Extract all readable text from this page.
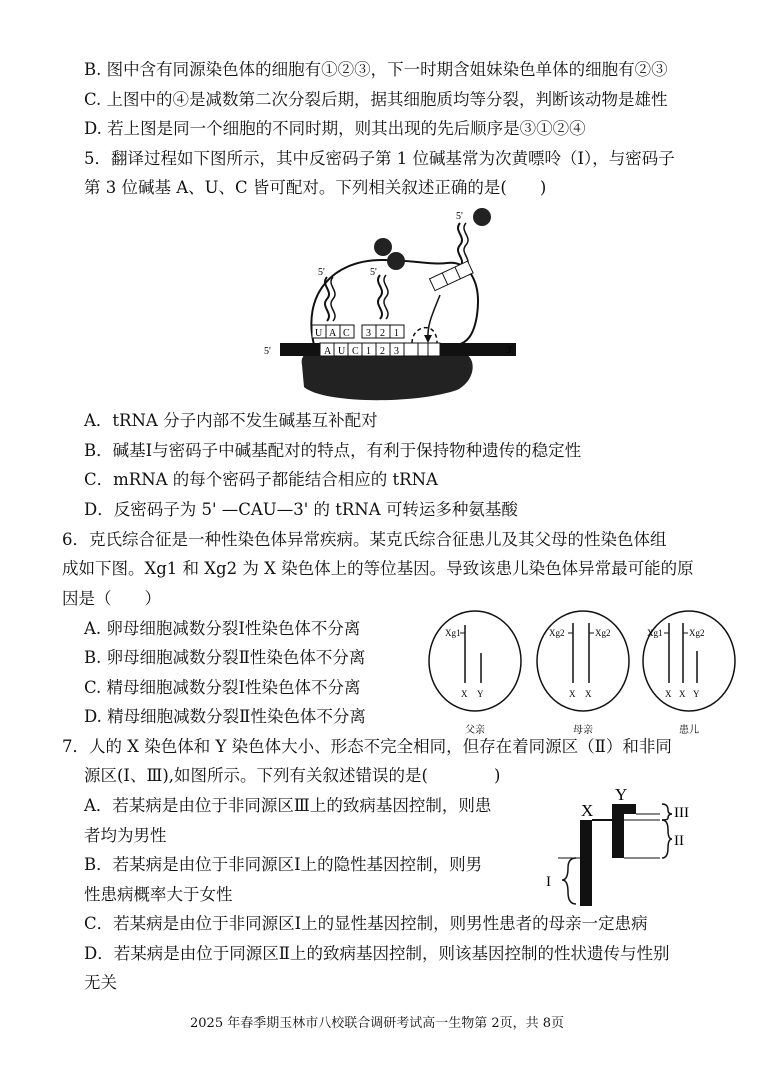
B. 图中含有同源染色体的细胞有①②③，下一时期含姐妹染色单体的细胞有②③
C. 上图中的④是减数第二次分裂后期，据其细胞质均等分裂，判断该动物是雄性
D. 若上图是同一个细胞的不同时期，则其出现的先后顺序是③①②④
5．翻译过程如下图所示，其中反密码子第 1 位碱基常为次黄嘌呤（Ⅰ），与密码子
第 3 位碱基 A、U、C 皆可配对。下列相关叙述正确的是(　　)
A U C 1 2 3
5'	3'
U A C
5'
3 2 1
5'
5'
A．tRNA 分子内部不发生碱基互补配对
B．碱基Ⅰ与密码子中碱基配对的特点，有利于保持物种遗传的稳定性
C．mRNA 的每个密码子都能结合相应的 tRNA
D．反密码子为 5' —CAU—3' 的 tRNA 可转运多种氨基酸
6．克氏综合征是一种性染色体异常疾病。某克氏综合征患儿及其父母的性染色体组
成如下图。Xg1 和 Xg2 为 X 染色体上的等位基因。导致该患儿染色体异常最可能的原
因是（　　）
A. 卵母细胞减数分裂Ⅰ性染色体不分离
B. 卵母细胞减数分裂Ⅱ性染色体不分离
C. 精母细胞减数分裂Ⅰ性染色体不分离
D. 精母细胞减数分裂Ⅱ性染色体不分离
Xg1
X Y
父亲
Xg2	Xg2
X X
母亲
Xg1	Xg2
X X Y
患儿
7．人的 X 染色体和 Y 染色体大小、形态不完全相同，但存在着同源区（Ⅱ）和非同
源区(Ⅰ、Ⅲ),如图所示。下列有关叙述错误的是(　　　　)
A．若某病是由位于非同源区Ⅲ上的致病基因控制，则患
者均为男性
B．若某病是由位于非同源区Ⅰ上的隐性基因控制，则男
性患病概率大于女性
C．若某病是由位于非同源区Ⅰ上的显性基因控制，则男性患者的母亲一定患病
D．若某病是由位于同源区Ⅱ上的致病基因控制，则该基因控制的性状遗传与性别
无关
X
Y
III
II
I
2025 年春季期玉林市八校联合调研考试高一生物第 2页，共 8页
